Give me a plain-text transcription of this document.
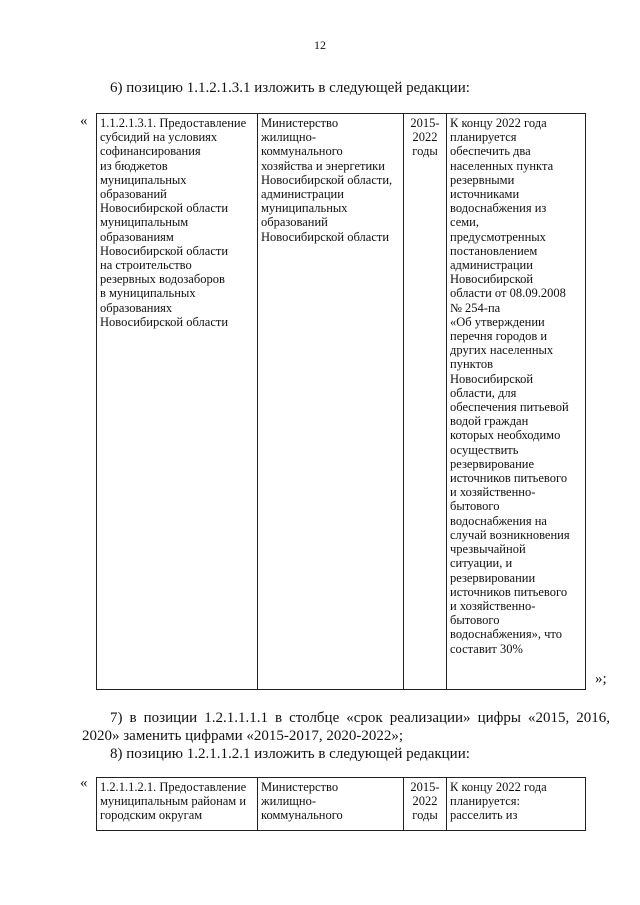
12
6) позицию 1.1.2.1.3.1 изложить в следующей редакции:
« 1.1.2.1.3.1. Предоставление
субсидий на условиях
софинансирования
из бюджетов
муниципальных
образований
Новосибирской области
муниципальным
образованиям
Новосибирской области
на строительство
резервных водозаборов
в муниципальных
образованиях
Новосибирской области

Министерство
жилищно-
коммунального
хозяйства и энергетики
Новосибирской области,
администрации
муниципальных
образований
Новосибирской области

2015-
2022
годы

К концу 2022 года
планируется
обеспечить два
населенных пункта
резервными
источниками
водоснабжения из
семи,
предусмотренных
постановлением
администрации
Новосибирской
области от 08.09.2008
№ 254-па
«Об утверждении
перечня городов и
других населенных
пунктов
Новосибирской
области, для
обеспечения питьевой
водой граждан
которых необходимо
осуществить
резервирование
источников питьевого
и хозяйственно-
бытового
водоснабжения на
случай возникновения
чрезвычайной
ситуации, и
резервировании
источников питьевого
и хозяйственно-
бытового
водоснабжения», что
составит 30%
»;
7) в позиции 1.2.1.1.1.1 в столбце «срок реализации» цифры «2015, 2016, 2020» заменить цифрами «2015-2017, 2020-2022»;
8) позицию 1.2.1.1.2.1 изложить в следующей редакции:
« 1.2.1.1.2.1. Предоставление
муниципальным районам и
городским округам

Министерство
жилищно-
коммунального

2015-
2022
годы

К концу 2022 года
планируется:
расселить из
